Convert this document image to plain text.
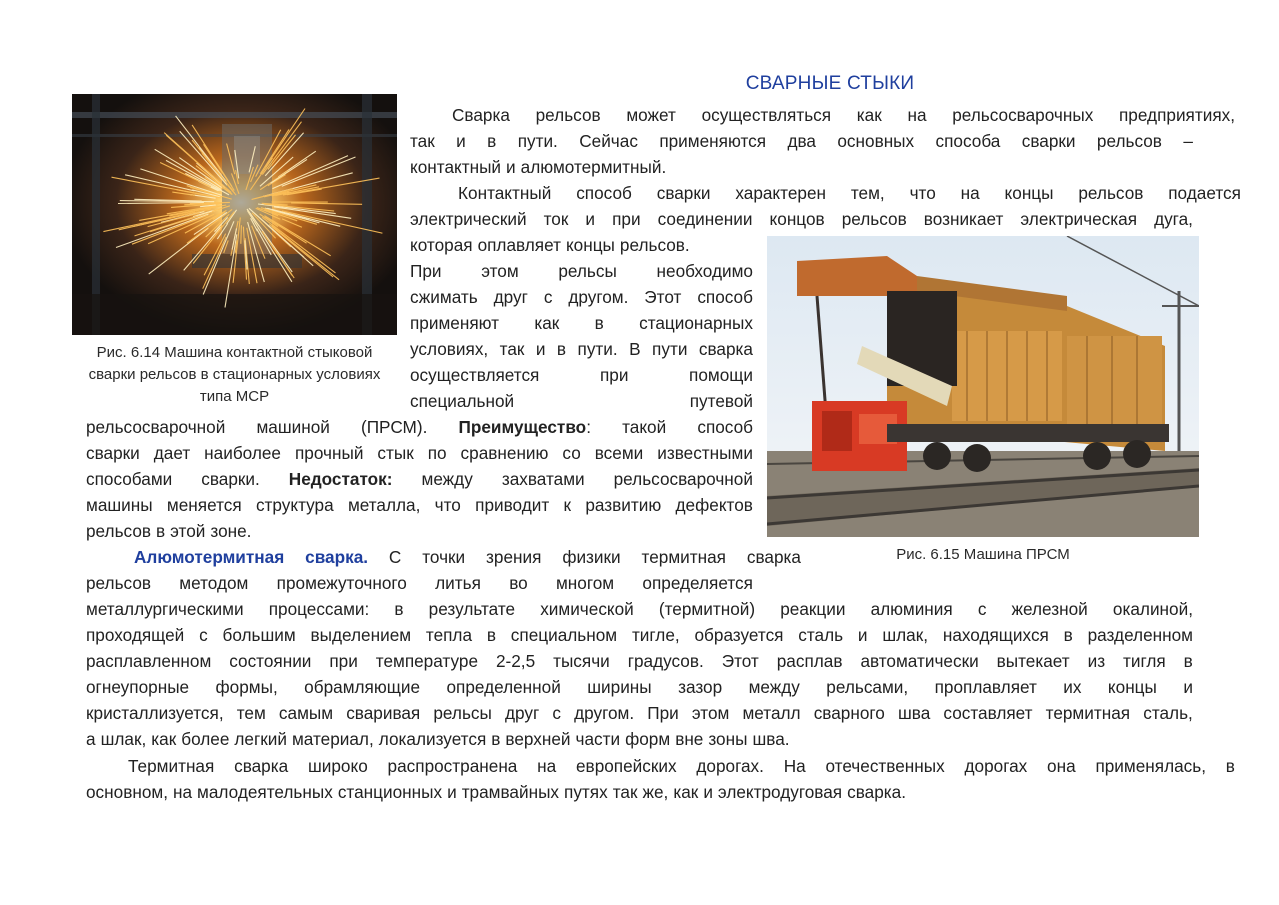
СВАРНЫЕ СТЫКИ
Рис. 6.14 Машина контактной стыковой сварки рельсов в стационарных условиях типа МСР
Рис. 6.15 Машина ПРСМ
Сварка рельсов может осуществляться как на рельсосварочных предприятиях,
так и в пути. Сейчас применяются два основных способа сварки рельсов –
контактный и алюмотермитный.
Контактный способ сварки характерен тем, что на концы рельсов подается
электрический ток и при соединении концов рельсов возникает электрическая дуга,
которая оплавляет концы рельсов.
При этом рельсы необходимо
сжимать друг с другом. Этот способ
применяют как в стационарных
условиях, так и в пути. В пути сварка
осуществляется	при	помощи
специальной	путевой
рельсосварочной машиной (ПРСМ). Преимущество: такой способ
сварки дает наиболее прочный стык по сравнению со всеми известными
способами сварки. Недостаток: между захватами рельсосварочной
машины меняется структура металла, что приводит к развитию дефектов
рельсов в этой зоне.
Алюмотермитная сварка. С точки зрения физики термитная сварка
рельсов методом промежуточного литья во многом определяется
металлургическими процессами: в результате химической (термитной) реакции алюминия с железной окалиной,
проходящей с большим выделением тепла в специальном тигле, образуется сталь и шлак, находящихся в разделенном
расплавленном состоянии при температуре 2-2,5 тысячи градусов. Этот расплав автоматически вытекает из тигля в
огнеупорные формы, обрамляющие определенной ширины зазор между рельсами, проплавляет их концы и
кристаллизуется, тем самым сваривая рельсы друг с другом. При этом металл сварного шва составляет термитная сталь,
а шлак, как более легкий материал, локализуется в верхней части форм вне зоны шва.
Термитная сварка широко распространена на европейских дорогах. На отечественных дорогах она применялась, в
основном, на малодеятельных станционных и трамвайных путях так же, как и электродуговая сварка.
